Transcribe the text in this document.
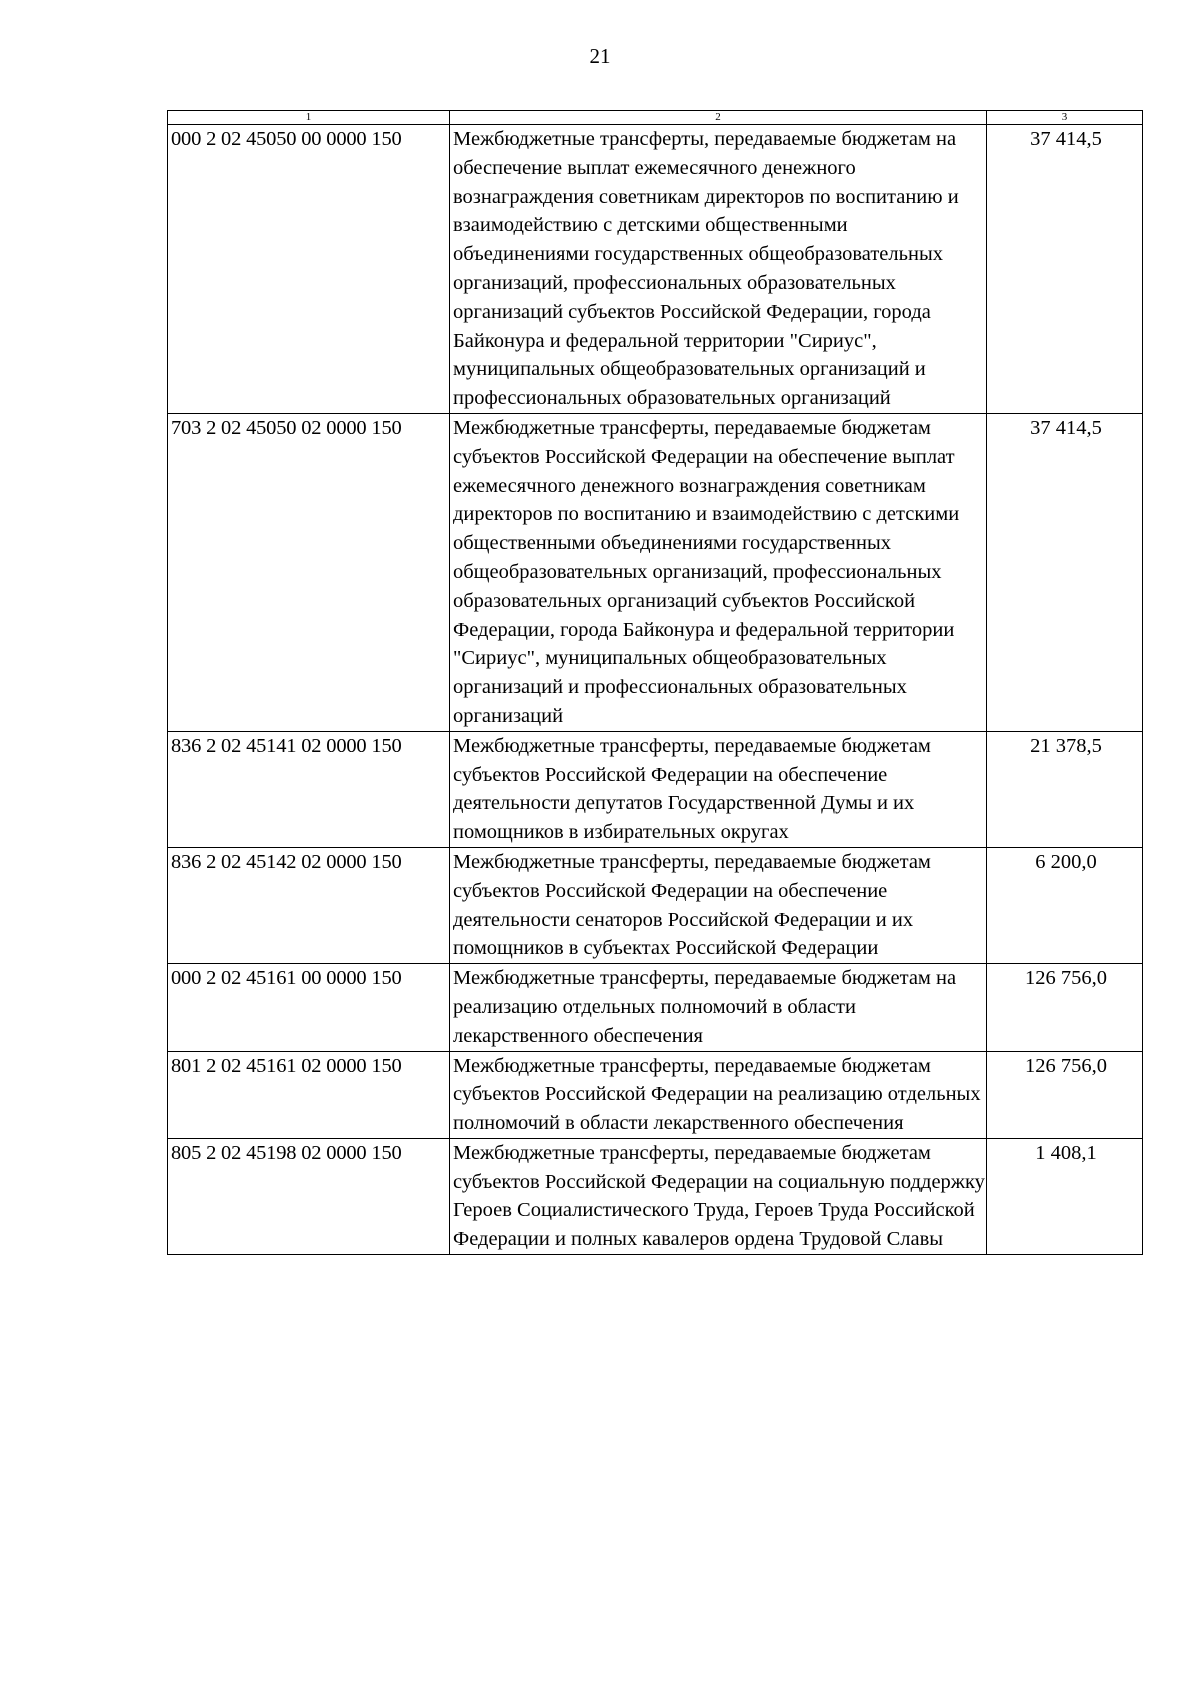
21
1	2	3
000 2 02 45050 00 0000 150	Межбюджетные трансферты, передаваемые бюджетам на обеспечение выплат ежемесячного денежного вознаграждения советникам директоров по воспитанию и взаимодействию с детскими общественными объединениями государственных общеобразовательных организаций, профессиональных образовательных организаций субъектов Российской Федерации, города Байконура и федеральной территории "Сириус", муниципальных общеобразовательных организаций и профессиональных образовательных организаций	37 414,5
703 2 02 45050 02 0000 150	Межбюджетные трансферты, передаваемые бюджетам субъектов Российской Федерации на обеспечение выплат ежемесячного денежного вознаграждения советникам директоров по воспитанию и взаимодействию с детскими общественными объединениями государственных общеобразовательных организаций, профессиональных образовательных организаций субъектов Российской Федерации, города Байконура и федеральной территории "Сириус", муниципальных общеобразовательных организаций и профессиональных образовательных организаций	37 414,5
836 2 02 45141 02 0000 150	Межбюджетные трансферты, передаваемые бюджетам субъектов Российской Федерации на обеспечение деятельности депутатов Государственной Думы и их помощников в избирательных округах	21 378,5
836 2 02 45142 02 0000 150	Межбюджетные трансферты, передаваемые бюджетам субъектов Российской Федерации на обеспечение деятельности сенаторов Российской Федерации и их помощников в субъектах Российской Федерации	6 200,0
000 2 02 45161 00 0000 150	Межбюджетные трансферты, передаваемые бюджетам на реализацию отдельных полномочий в области лекарственного обеспечения	126 756,0
801 2 02 45161 02 0000 150	Межбюджетные трансферты, передаваемые бюджетам субъектов Российской Федерации на реализацию отдельных полномочий в области лекарственного обеспечения	126 756,0
805 2 02 45198 02 0000 150	Межбюджетные трансферты, передаваемые бюджетам субъектов Российской Федерации на социальную поддержку Героев Социалистического Труда, Героев Труда Российской Федерации и полных кавалеров ордена Трудовой Славы	1 408,1
